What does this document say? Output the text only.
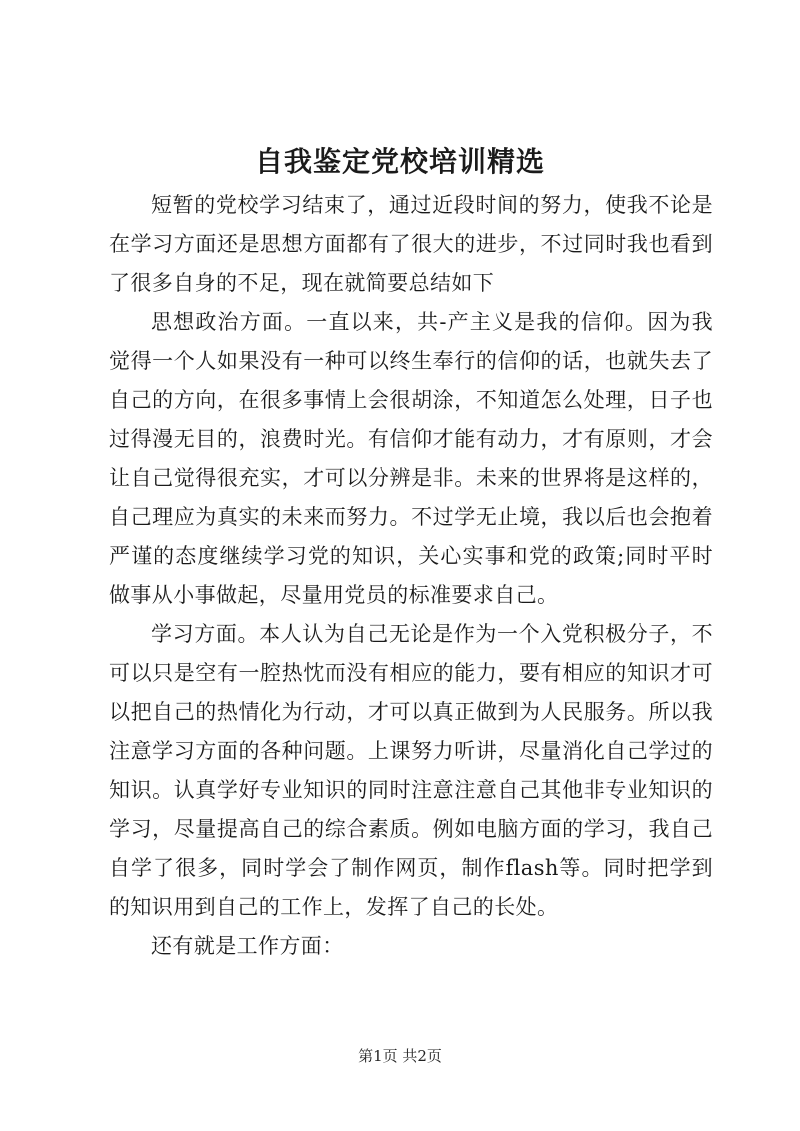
自我鉴定党校培训精选

短暂的党校学习结束了，通过近段时间的努力，使我不论是在学习方面还是思想方面都有了很大的进步，不过同时我也看到了很多自身的不足，现在就简要总结如下

思想政治方面。一直以来，共-产主义是我的信仰。因为我觉得一个人如果没有一种可以终生奉行的信仰的话，也就失去了自己的方向，在很多事情上会很胡涂，不知道怎么处理，日子也过得漫无目的，浪费时光。有信仰才能有动力，才有原则，才会让自己觉得很充实，才可以分辨是非。未来的世界将是这样的，自己理应为真实的未来而努力。不过学无止境，我以后也会抱着严谨的态度继续学习党的知识，关心实事和党的政策;同时平时做事从小事做起，尽量用党员的标准要求自己。

学习方面。本人认为自己无论是作为一个入党积极分子，不可以只是空有一腔热忱而没有相应的能力，要有相应的知识才可以把自己的热情化为行动，才可以真正做到为人民服务。所以我注意学习方面的各种问题。上课努力听讲，尽量消化自己学过的知识。认真学好专业知识的同时注意注意自己其他非专业知识的学习，尽量提高自己的综合素质。例如电脑方面的学习，我自己自学了很多，同时学会了制作网页，制作flash等。同时把学到的知识用到自己的工作上，发挥了自己的长处。

还有就是工作方面：

第1页 共2页
